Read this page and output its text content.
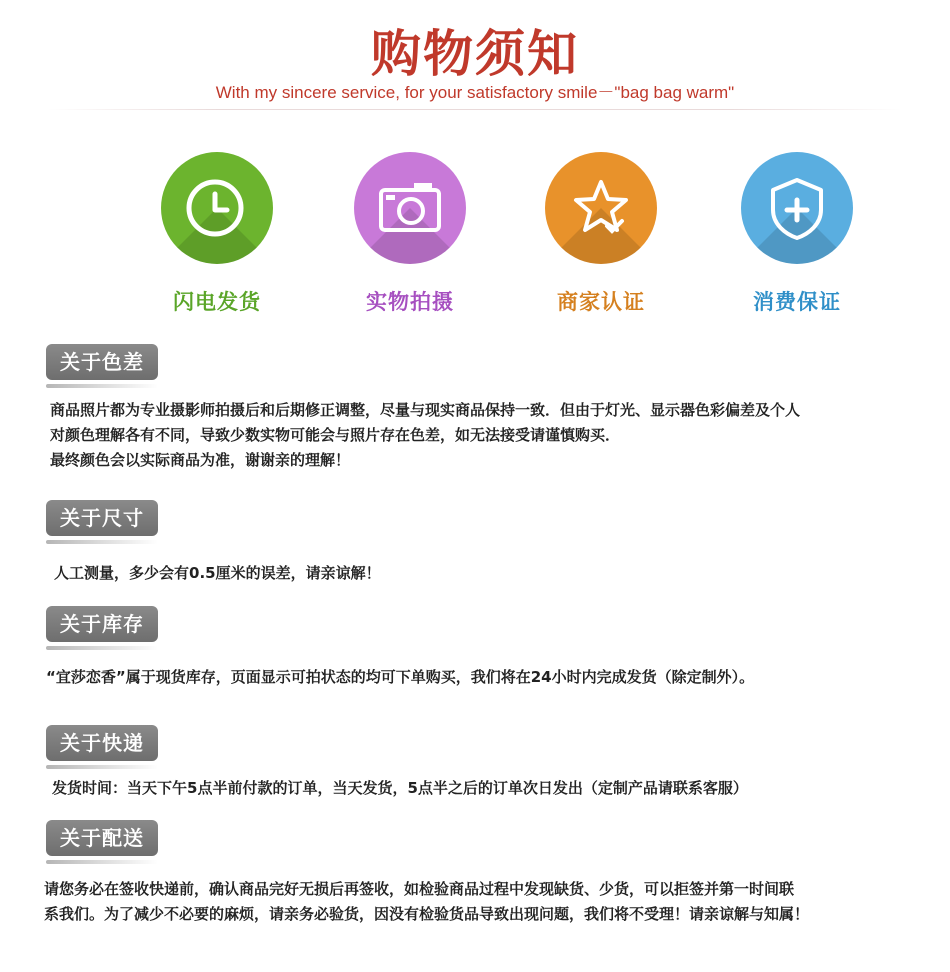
购物须知
With my sincere service, for your satisfactory smile－"bag bag warm"
闪电发货	实物拍摄	商家认证	消费保证
关于色差

商品照片都为专业摄影师拍摄后和后期修正调整，尽量与现实商品保持一致．但由于灯光、显示器色彩偏差及个人

对颜色理解各有不同，导致少数实物可能会与照片存在色差，如无法接受请谨慎购买．

最终颜色会以实际商品为准，谢谢亲的理解！

关于尺寸

人工测量，多少会有0.5厘米的误差，请亲谅解！

关于库存

“宜莎恋香”属于现货库存，页面显示可拍状态的均可下单购买，我们将在24小时内完成发货（除定制外）。

关于快递

发货时间：当天下午5点半前付款的订单，当天发货，5点半之后的订单次日发出（定制产品请联系客服）

关于配送

请您务必在签收快递前，确认商品完好无损后再签收，如检验商品过程中发现缺货、少货，可以拒签并第一时间联

系我们。为了减少不必要的麻烦，请亲务必验货，因没有检验货品导致出现问题，我们将不受理！请亲谅解与知属！
